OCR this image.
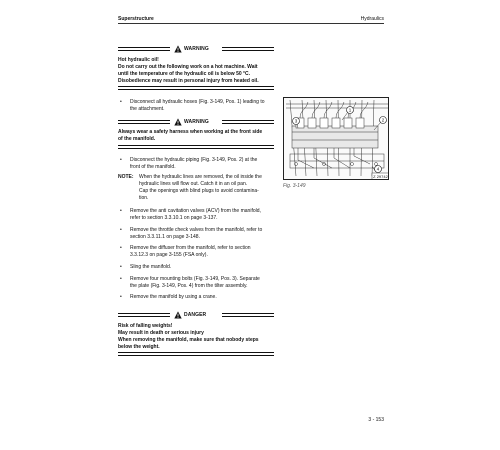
Superstructure	Hydraulics
WARNING
Hot hydraulic oil!
Do not carry out the following work on a hot machine. Wait
until the temperature of the hydraulic oil is below 50 °C.
Disobedience may result in personal injury from heated oil.
• Disconnect all hydraulic hoses (Fig. 3-149, Pos. 1) leading to
the attachment.
WARNING
Always wear a safety harness when working at the front side
of the manifold.
• Disconnect the hydraulic piping (Fig. 3-149, Pos. 2) at the
front of the manifold.
NOTE: When the hydraulic lines are removed, the oil inside the
hydraulic lines will flow out. Catch it in an oil pan.
Cap the openings with blind plugs to avoid contamina-
tion.
• Remove the anti cavitation valves (ACV) from the manifold,
refer to section 3.3.10.1 on page 3-137.
• Remove the throttle check valves from the manifold, refer to
section 3.3.11.1 on page 3-148.
• Remove the diffuser from the manifold, refer to section
3.3.12.3 on page 3-155 (FSA only).
• Sling the manifold.
• Remove four mounting bolts (Fig. 3-149, Pos. 3). Separate
the plate (Fig. 3-149, Pos. 4) from the tilter assembly.
• Remove the manifold by using a crane.
DANGER
Risk of falling weights!
May result in death or serious injury
When removing the manifold, make sure that nobody steps
below the weight.
1
2
3
4
Z 29742
Fig. 3-149
3 - 153
